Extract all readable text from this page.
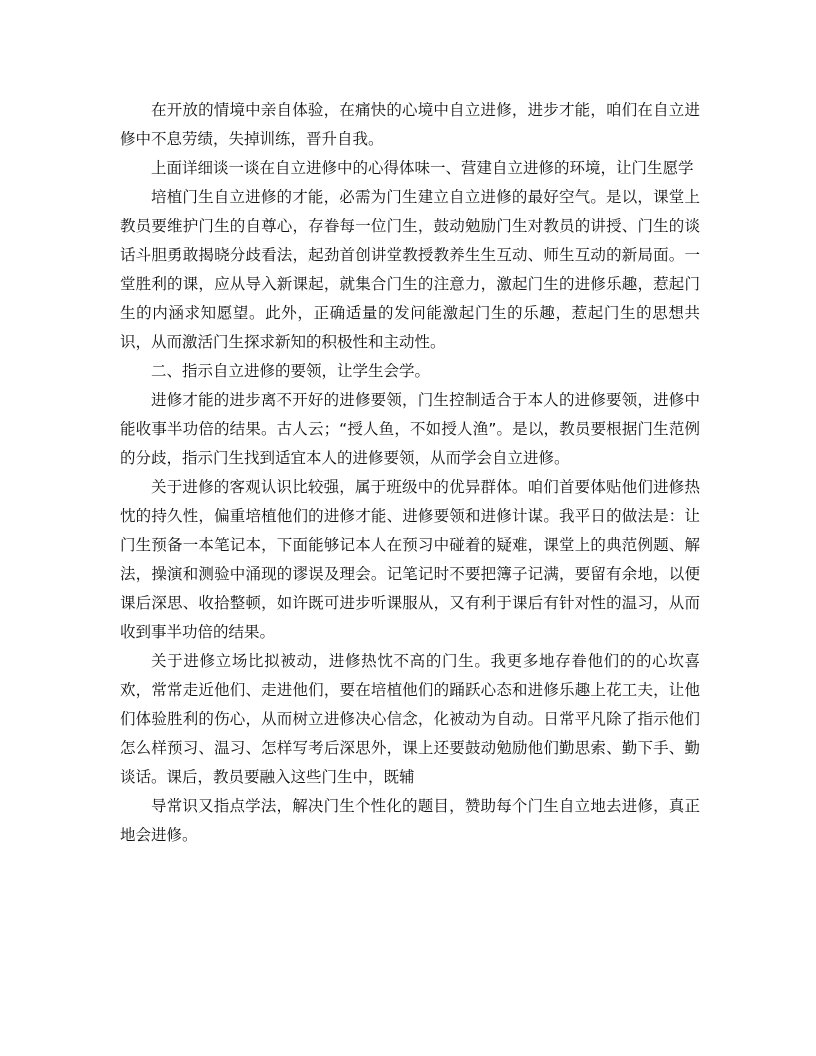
在开放的情境中亲自体验，在痛快的心境中自立进修，进步才能，咱们在自立进修中不息劳绩，失掉训练，晋升自我。

上面详细谈一谈在自立进修中的心得体味一、营建自立进修的环境，让门生愿学

培植门生自立进修的才能，必需为门生建立自立进修的最好空气。是以，课堂上教员要维护门生的自尊心，存眷每一位门生，鼓动勉励门生对教员的讲授、门生的谈话斗胆勇敢揭晓分歧看法，起劲首创讲堂教授教养生生互动、师生互动的新局面。一堂胜利的课，应从导入新课起，就集合门生的注意力，激起门生的进修乐趣，惹起门生的内涵求知愿望。此外，正确适量的发问能激起门生的乐趣，惹起门生的思想共识，从而激活门生探求新知的积极性和主动性。

二、指示自立进修的要领，让学生会学。

进修才能的进步离不开好的进修要领，门生控制适合于本人的进修要领，进修中能收事半功倍的结果。古人云；“授人鱼，不如授人渔”。是以，教员要根据门生范例的分歧，指示门生找到适宜本人的进修要领，从而学会自立进修。

关于进修的客观认识比较强，属于班级中的优异群体。咱们首要体贴他们进修热忱的持久性，偏重培植他们的进修才能、进修要领和进修计谋。我平日的做法是：让门生预备一本笔记本，下面能够记本人在预习中碰着的疑难，课堂上的典范例题、解法，操演和测验中涌现的谬误及理会。记笔记时不要把簿子记满，要留有余地，以便课后深思、收拾整顿，如许既可进步听课服从，又有利于课后有针对性的温习，从而收到事半功倍的结果。

关于进修立场比拟被动，进修热忱不高的门生。我更多地存眷他们的的心坎喜欢，常常走近他们、走进他们，要在培植他们的踊跃心态和进修乐趣上花工夫，让他们体验胜利的伤心，从而树立进修决心信念，化被动为自动。日常平凡除了指示他们怎么样预习、温习、怎样写考后深思外，课上还要鼓动勉励他们勤思索、勤下手、勤谈话。课后，教员要融入这些门生中，既辅

导常识又指点学法，解决门生个性化的题目，赞助每个门生自立地去进修，真正地会进修。
